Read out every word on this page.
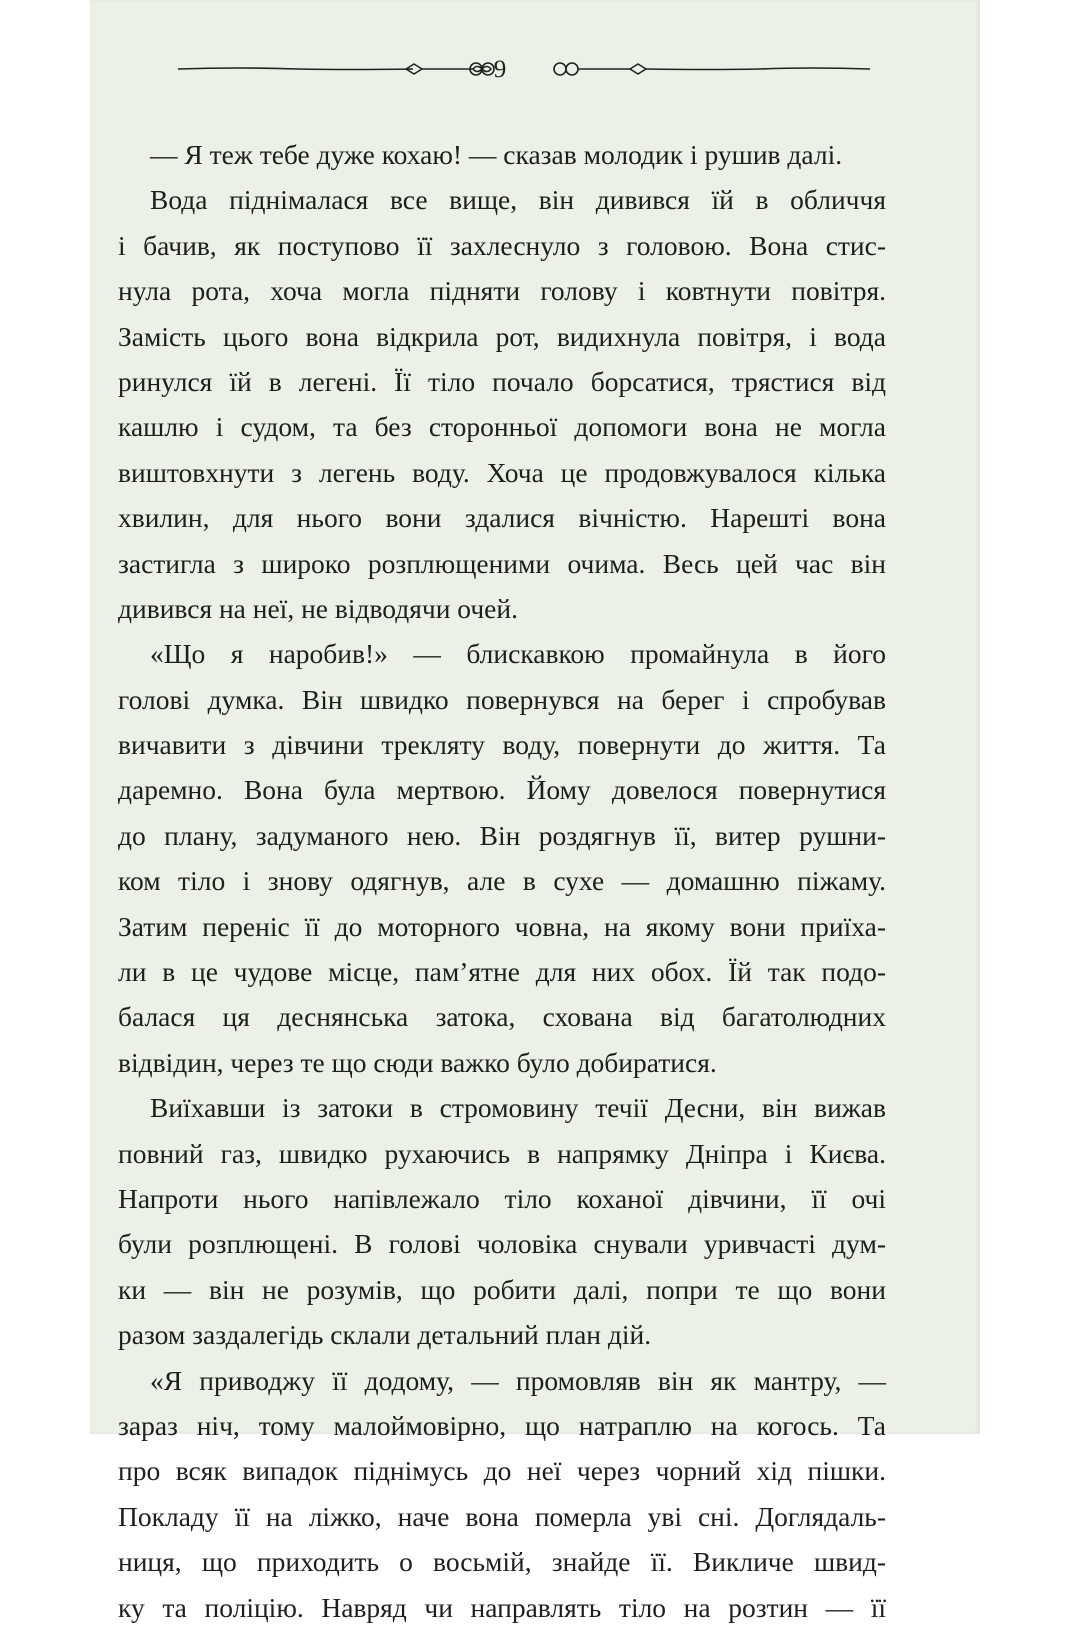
9
— Я теж тебе дуже кохаю! — сказав молодик і рушив далі.
Вода піднімалася все вище, він дивився їй в обличчя
і бачив, як поступово її захлеснуло з головою. Вона стис-
нула рота, хоча могла підняти голову і ковтнути повітря.
Замість цього вона відкрила рот, видихнула повітря, і вода
ринулся їй в легені. Її тіло почало борсатися, трястися від
кашлю і судом, та без сторонньої допомоги вона не могла
виштовхнути з легень воду. Хоча це продовжувалося кілька
хвилин, для нього вони здалися вічністю. Нарешті вона
застигла з широко розплющеними очима. Весь цей час він
дивився на неї, не відводячи очей.
«Що я наробив!» — блискавкою промайнула в його
голові думка. Він швидко повернувся на берег і спробував
вичавити з дівчини трекляту воду, повернути до життя. Та
даремно. Вона була мертвою. Йому довелося повернутися
до плану, задуманого нею. Він роздягнув її, витер рушни-
ком тіло і знову одягнув, але в сухе — домашню піжаму.
Затим переніс її до моторного човна, на якому вони приїха-
ли в це чудове місце, пам’ятне для них обох. Їй так подо-
балася ця деснянська затока, схована від багатолюдних
відвідин, через те що сюди важко було добиратися.
Виїхавши із затоки в стромовину течії Десни, він вижав
повний газ, швидко рухаючись в напрямку Дніпра і Києва.
Напроти нього напівлежало тіло коханої дівчини, її очі
були розплющені. В голові чоловіка снували уривчасті дум-
ки — він не розумів, що робити далі, попри те що вони
разом заздалегідь склали детальний план дій.
«Я приводжу її додому, — промовляв він як мантру, —
зараз ніч, тому малоймовірно, що натраплю на когось. Та
про всяк випадок піднімусь до неї через чорний хід пішки.
Покладу її на ліжко, наче вона померла уві сні. Доглядаль-
ниця, що приходить о восьмій, знайде її. Викличе швид-
ку та поліцію. Навряд чи направлять тіло на розтин — її
